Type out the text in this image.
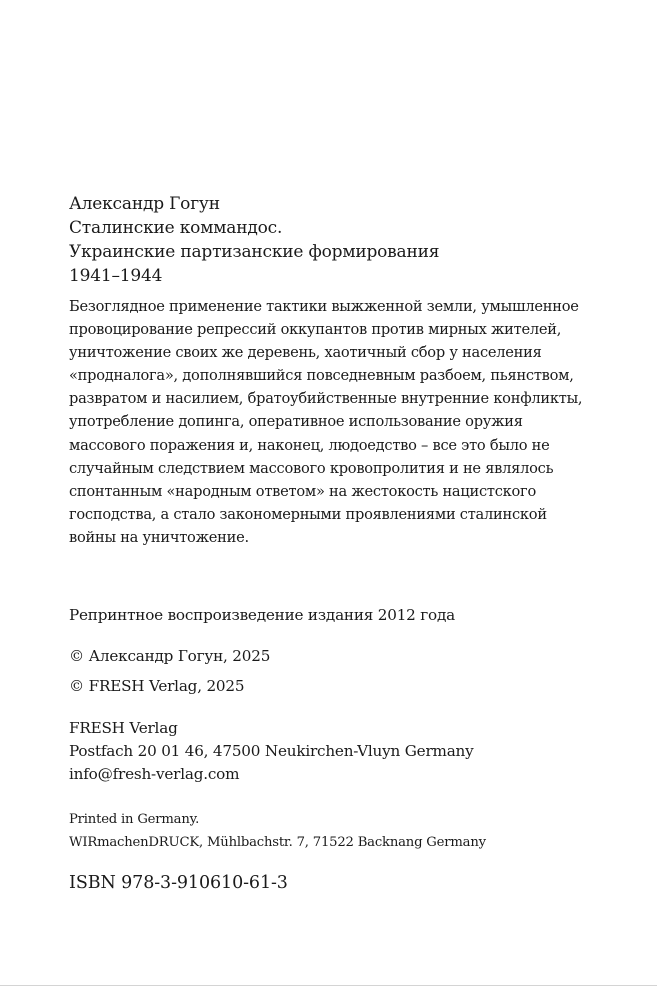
Александр Гогун
Сталинские коммандос.
Украинские партизанские формирования
1941–1944
Безоглядное применение тактики выжженной земли, умышленное
провоцирование репрессий оккупантов против мирных жителей,
уничтожение своих же деревень, хаотичный сбор у населения
«продналога», дополнявшийся повседневным разбоем, пьянством,
развратом и насилием, братоубийственные внутренние конфликты,
употребление допинга, оперативное использование оружия
массового поражения и, наконец, людоедство – все это было не
случайным следствием массового кровопролития и не являлось
спонтанным «народным ответом» на жестокость нацистского
господства, а стало закономерными проявлениями сталинской
войны на уничтожение.
Репринтное воспроизведение издания 2012 года
© Александр Гогун, 2025
© FRESH Verlag, 2025
FRESH Verlag
Postfach 20 01 46, 47500 Neukirchen-Vluyn Germany
info@fresh-verlag.com
Printed in Germany.
WIRmachenDRUCK, Mühlbachstr. 7, 71522 Backnang Germany
ISBN 978-3-910610-61-3
